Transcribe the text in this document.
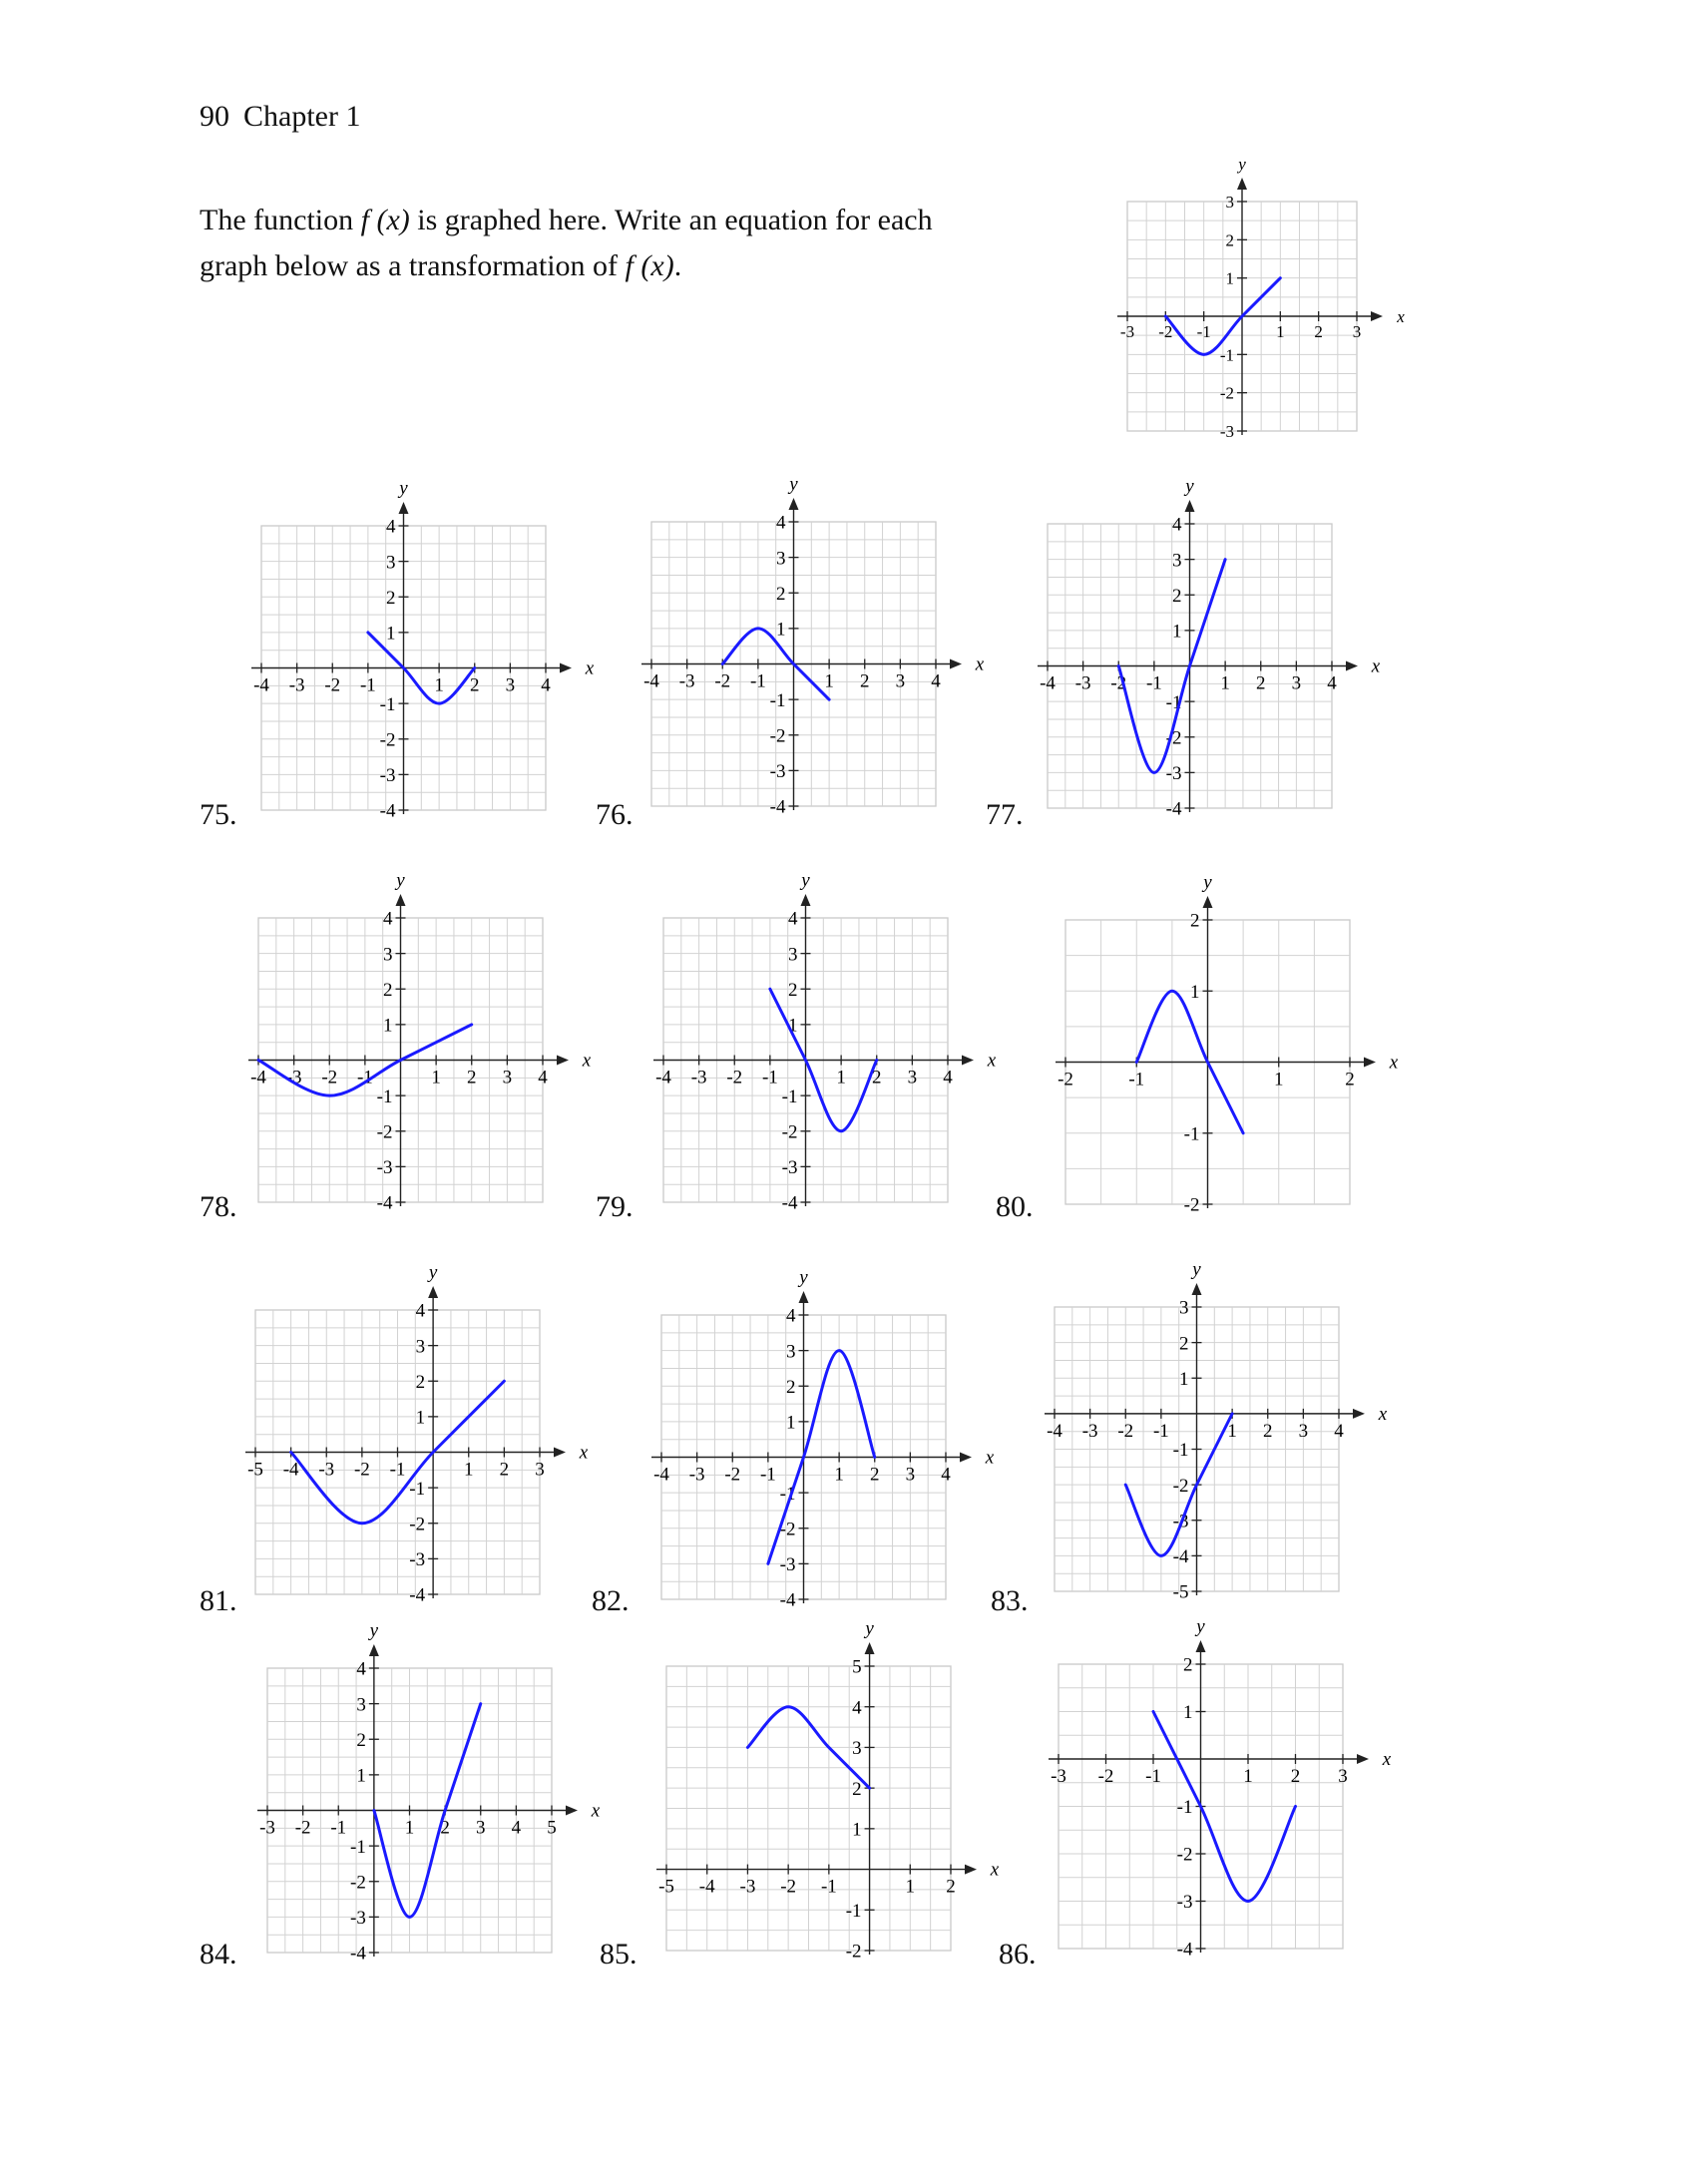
90 Chapter 1
The function f (x) is graphed here. Write an equation for each
graph below as a transformation of f (x).
x
y
-3 -2 -1	1 2 3
-3
-2
-1
1
2
3
x
y
-4 -3 -2 -1	1 2 3 4
-4
-3
-2
-1
1
2
3
4
x
y
-4 -3 -2 -1	1 2 3 4
-4
-3
-2
-1
1
2
3
4
x
y
-4 -3 -2 -1	1 2 3 4
-4
-3
-2
-1
1
2
3
4
x
y
-4 -3 -2 -1	1 2 3 4
-4
-3
-2
-1
1
2
3
4
x
y
-4 -3 -2 -1	1 2 3 4
-4
-3
-2
-1
1
2
3
4
x
y
-2	-1	1	2
-2
-1
1
2
x
y
-5 -4 -3 -2 -1	1 2 3
-4
-3
-2
-1
1
2
3
4
x
y
-4 -3 -2 -1	1 2 3 4
-4
-3
-2
-1
1
2
3
4
x
y
-4 -3 -2 -1	1 2 3 4
-5
-4
-3
-2
-1
1
2
3
x
y
-3 -2 -1	1 2 3 4 5
-4
-3
-2
-1
1
2
3
4
x
y
-5 -4 -3 -2 -1	1 2
-2
-1
1
2
3
4
5
x
y
-3 -2 -1	1 2 3
-4
-3
-2
-1
1
2
75.	76.	77.
78.	79.	80.
81.	82.	83.
84.	85.	86.
